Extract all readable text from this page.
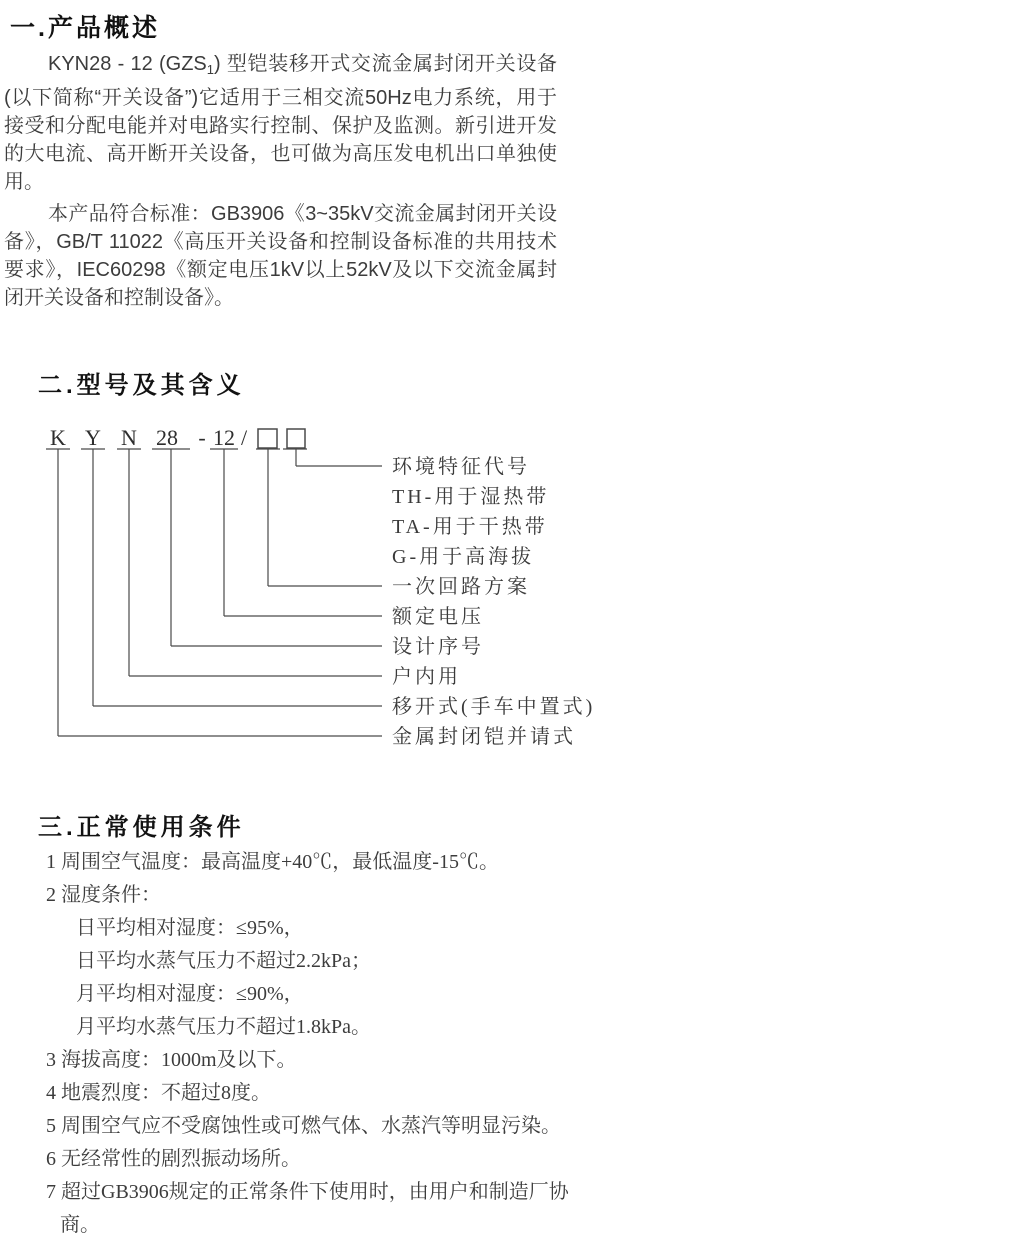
一.产品概述

KYN28 - 12 $(GZS_1)$ 型铠装移开式交流金属封闭开关设备(以下简称“开关设备”)它适用于三相交流50Hz电力系统，用于接受和分配电能并对电路实行控制、保护及监测。新引进开发的大电流、高开断开关设备，也可做为高压发电机出口单独使用。

本产品符合标准：GB3906《3~35kV交流金属封闭开关设备》，GB/T 11022《高压开关设备和控制设备标准的共用技术要求》，IEC60298《额定电压1kV以上52kV及以下交流金属封闭开关设备和控制设备》。

二.型号及其含义
K Y N 28 - 12 /
环境特征代号
TH-用于湿热带
TA-用于干热带
G-用于高海拔
一次回路方案
额定电压
设计序号
户内用
移开式(手车中置式)
金属封闭铠并请式
三.正常使用条件
1 周围空气温度：最高温度+40℃，最低温度-15℃。
2 湿度条件：
日平均相对湿度：≤95%，
日平均水蒸气压力不超过2.2kPa；
月平均相对湿度：≤90%，
月平均水蒸气压力不超过1.8kPa。
3 海拔高度：1000m及以下。
4 地震烈度：不超过8度。
5 周围空气应不受腐蚀性或可燃气体、水蒸汽等明显污染。
6 无经常性的剧烈振动场所。
7 超过GB3906规定的正常条件下使用时，由用户和制造厂协商。
